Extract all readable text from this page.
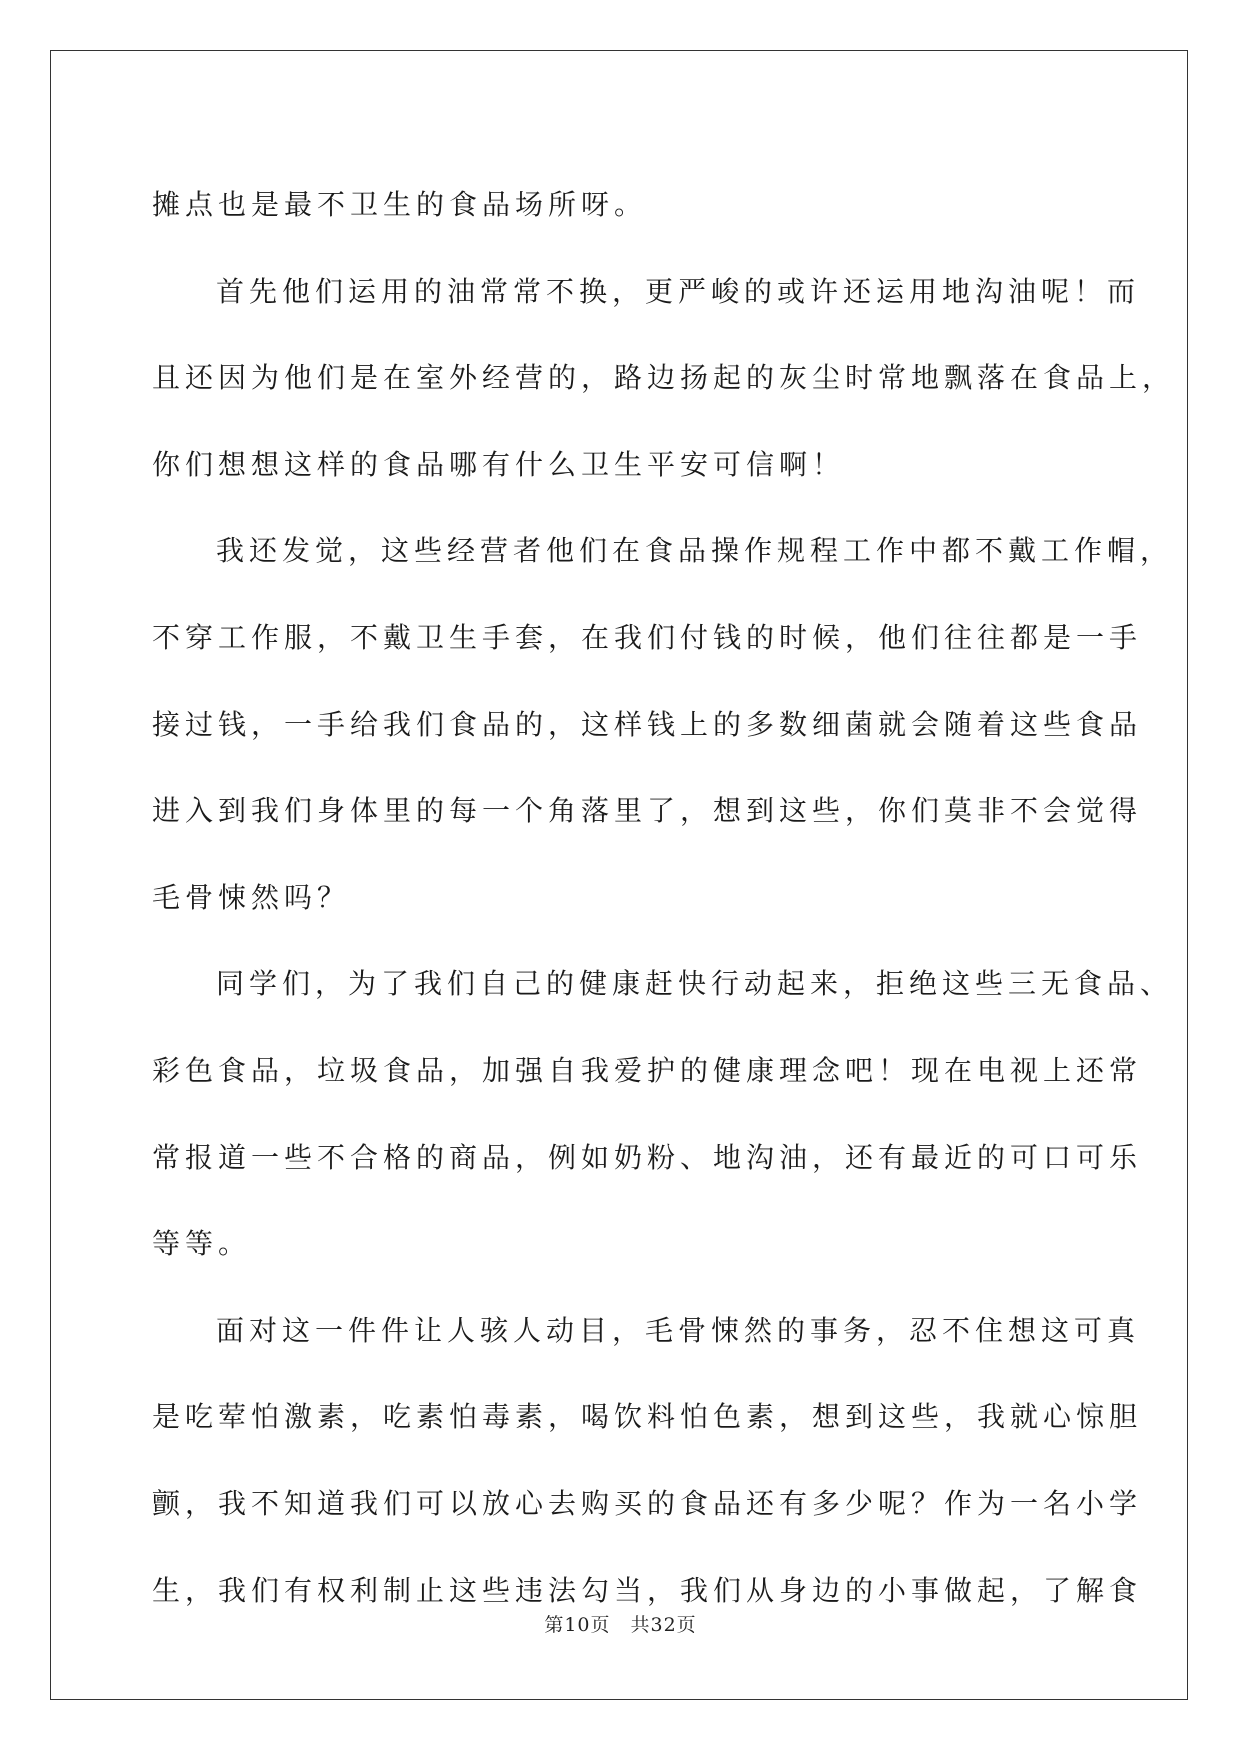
摊点也是最不卫生的食品场所呀。

首先他们运用的油常常不换，更严峻的或许还运用地沟油呢！而

且还因为他们是在室外经营的，路边扬起的灰尘时常地飘落在食品上，

你们想想这样的食品哪有什么卫生平安可信啊！

我还发觉，这些经营者他们在食品操作规程工作中都不戴工作帽，

不穿工作服，不戴卫生手套，在我们付钱的时候，他们往往都是一手

接过钱，一手给我们食品的，这样钱上的多数细菌就会随着这些食品

进入到我们身体里的每一个角落里了，想到这些，你们莫非不会觉得

毛骨悚然吗？

同学们，为了我们自己的健康赶快行动起来，拒绝这些三无食品、

彩色食品，垃圾食品，加强自我爱护的健康理念吧！现在电视上还常

常报道一些不合格的商品，例如奶粉、地沟油，还有最近的可口可乐

等等。

面对这一件件让人骇人动目，毛骨悚然的事务，忍不住想这可真

是吃荤怕激素，吃素怕毒素，喝饮料怕色素，想到这些，我就心惊胆

颤，我不知道我们可以放心去购买的食品还有多少呢？作为一名小学

生，我们有权利制止这些违法勾当，我们从身边的小事做起，了解食

第10页　共32页
